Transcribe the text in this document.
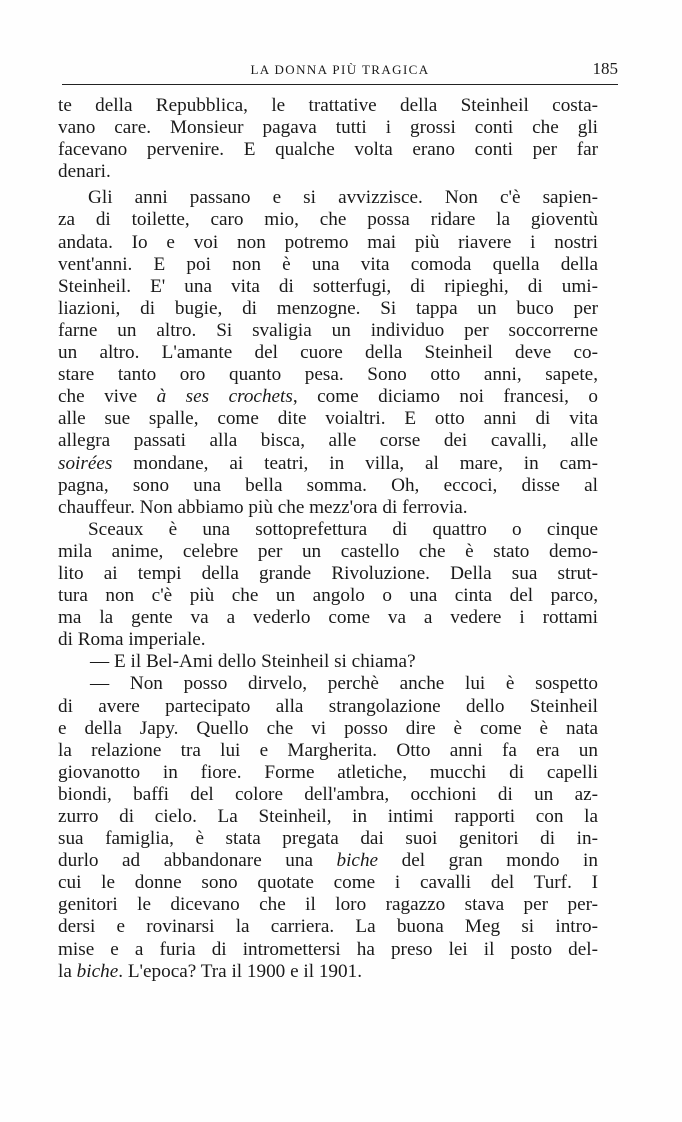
LA DONNA PIÙ TRAGICA	185
te della Repubblica, le trattative della Steinheil costa-
vano care. Monsieur pagava tutti i grossi conti che gli
facevano pervenire. E qualche volta erano conti per far
denari.
Gli anni passano e si avvizzisce. Non c'è sapien-
za di toilette, caro mio, che possa ridare la gioventù
andata. Io e voi non potremo mai più riavere i nostri
vent'anni. E poi non è una vita comoda quella della
Steinheil. E' una vita di sotterfugi, di ripieghi, di umi-
liazioni, di bugie, di menzogne. Si tappa un buco per
farne un altro. Si svaligia un individuo per soccorrerne
un altro. L'amante del cuore della Steinheil deve co-
stare tanto oro quanto pesa. Sono otto anni, sapete,
che vive à ses crochets, come diciamo noi francesi, o
alle sue spalle, come dite voialtri. E otto anni di vita
allegra passati alla bisca, alle corse dei cavalli, alle
soirées mondane, ai teatri, in villa, al mare, in cam-
pagna, sono una bella somma. Oh, eccoci, disse al
chauffeur. Non abbiamo più che mezz'ora di ferrovia.
Sceaux è una sottoprefettura di quattro o cinque
mila anime, celebre per un castello che è stato demo-
lito ai tempi della grande Rivoluzione. Della sua strut-
tura non c'è più che un angolo o una cinta del parco,
ma la gente va a vederlo come va a vedere i rottami
di Roma imperiale.
— E il Bel-Ami dello Steinheil si chiama?
— Non posso dirvelo, perchè anche lui è sospetto
di avere partecipato alla strangolazione dello Steinheil
e della Japy. Quello che vi posso dire è come è nata
la relazione tra lui e Margherita. Otto anni fa era un
giovanotto in fiore. Forme atletiche, mucchi di capelli
biondi, baffi del colore dell'ambra, occhioni di un az-
zurro di cielo. La Steinheil, in intimi rapporti con la
sua famiglia, è stata pregata dai suoi genitori di in-
durlo ad abbandonare una biche del gran mondo in
cui le donne sono quotate come i cavalli del Turf. I
genitori le dicevano che il loro ragazzo stava per per-
dersi e rovinarsi la carriera. La buona Meg si intro-
mise e a furia di intromettersi ha preso lei il posto del-
la biche. L'epoca? Tra il 1900 e il 1901.
